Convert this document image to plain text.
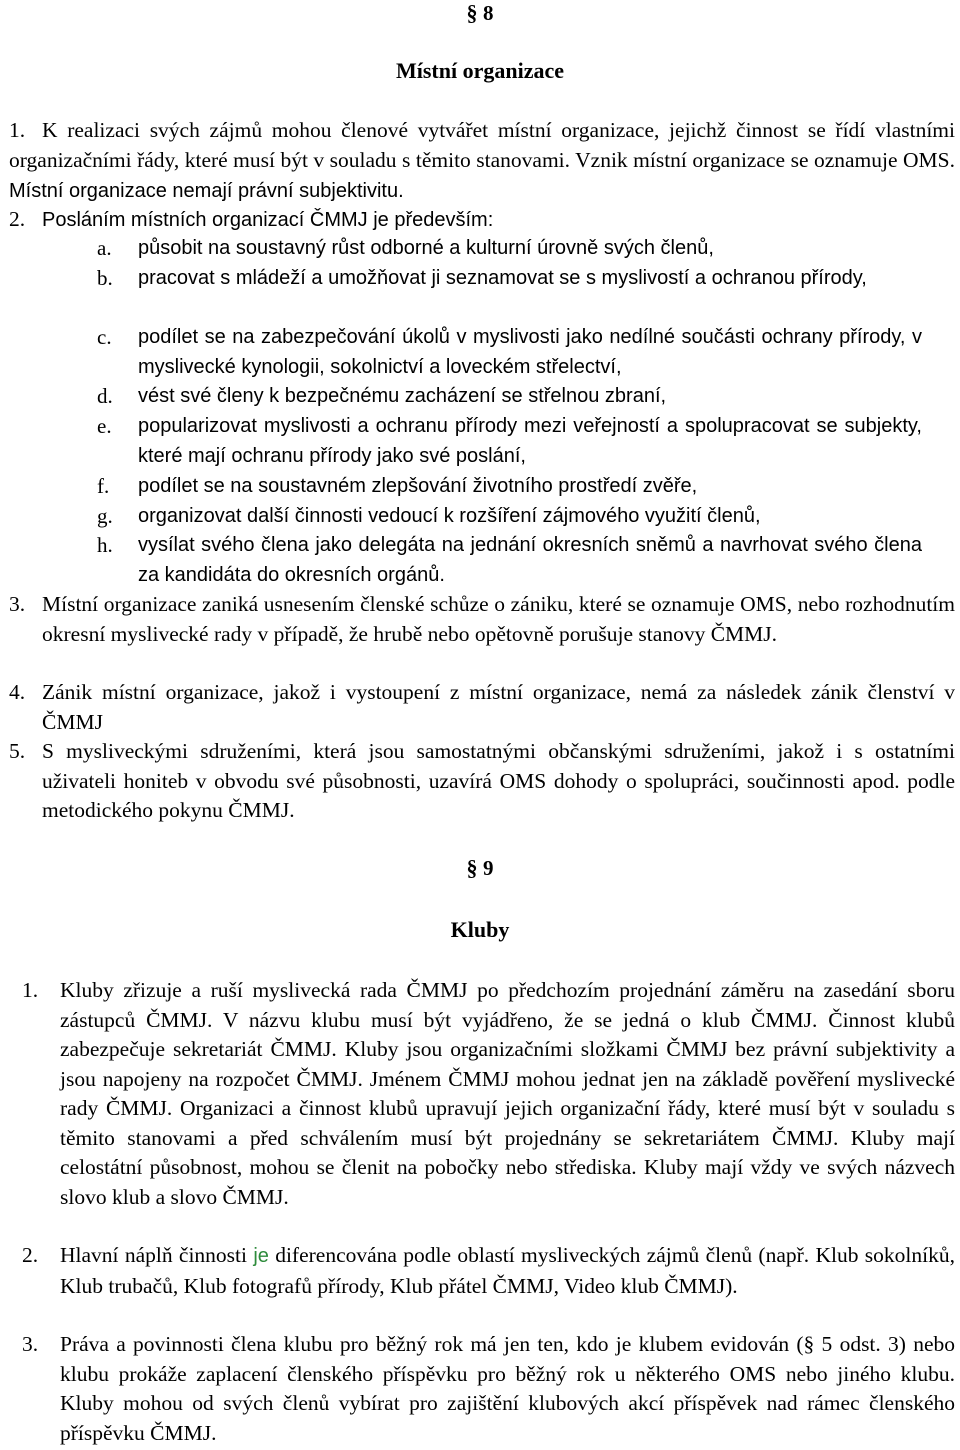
§ 8
Místní organizace
1. K realizaci svých zájmů mohou členové vytvářet místní organizace, jejichž činnost se řídí vlastními organizačními řády, které musí být v souladu s těmito stanovami. Vznik místní organizace se oznamuje OMS. Místní organizace nemají právní subjektivitu.
2. Posláním místních organizací ČMMJ je především:
a. působit na soustavný růst odborné a kulturní úrovně svých členů,
b. pracovat s mládeží a umožňovat ji seznamovat se s myslivostí a ochranou přírody,
c. podílet se na zabezpečování úkolů v myslivosti jako nedílné součásti ochrany přírody, v myslivecké kynologii, sokolnictví a loveckém střelectví,
d. vést své členy k bezpečnému zacházení se střelnou zbraní,
e. popularizovat myslivosti a ochranu přírody mezi veřejností a spolupracovat se subjekty, které mají ochranu přírody jako své poslání,
f. podílet se na soustavném zlepšování životního prostředí zvěře,
g. organizovat další činnosti vedoucí k rozšíření zájmového využití členů,
h. vysílat svého člena jako delegáta na jednání okresních sněmů a navrhovat svého člena za kandidáta do okresních orgánů.
3. Místní organizace zaniká usnesením členské schůze o zániku, které se oznamuje OMS, nebo rozhodnutím okresní myslivecké rady v případě, že hrubě nebo opětovně porušuje stanovy ČMMJ.
4. Zánik místní organizace, jakož i vystoupení z místní organizace, nemá za následek zánik členství v ČMMJ
5. S mysliveckými sdruženími, která jsou samostatnými občanskými sdruženími, jakož i s ostatními uživateli honiteb v obvodu své působnosti, uzavírá OMS dohody o spolupráci, součinnosti apod. podle metodického pokynu ČMMJ.
§ 9
Kluby
1. Kluby zřizuje a ruší myslivecká rada ČMMJ po předchozím projednání záměru na zasedání sboru zástupců ČMMJ. V názvu klubu musí být vyjádřeno, že se jedná o klub ČMMJ. Činnost klubů zabezpečuje sekretariát ČMMJ. Kluby jsou organizačními složkami ČMMJ bez právní subjektivity a jsou napojeny na rozpočet ČMMJ. Jménem ČMMJ mohou jednat jen na základě pověření myslivecké rady ČMMJ. Organizaci a činnost klubů upravují jejich organizační řády, které musí být v souladu s těmito stanovami a před schválením musí být projednány se sekretariátem ČMMJ. Kluby mají celostátní působnost, mohou se členit na pobočky nebo střediska. Kluby mají vždy ve svých názvech slovo klub a slovo ČMMJ.
2. Hlavní náplň činnosti je diferencována podle oblastí mysliveckých zájmů členů (např. Klub sokolníků, Klub trubačů, Klub fotografů přírody, Klub přátel ČMMJ, Video klub ČMMJ).
3. Práva a povinnosti člena klubu pro běžný rok má jen ten, kdo je klubem evidován (§ 5 odst. 3) nebo klubu prokáže zaplacení členského příspěvku pro běžný rok u některého OMS nebo jiného klubu. Kluby mohou od svých členů vybírat pro zajištění klubových akcí příspěvek nad rámec členského příspěvku ČMMJ.
